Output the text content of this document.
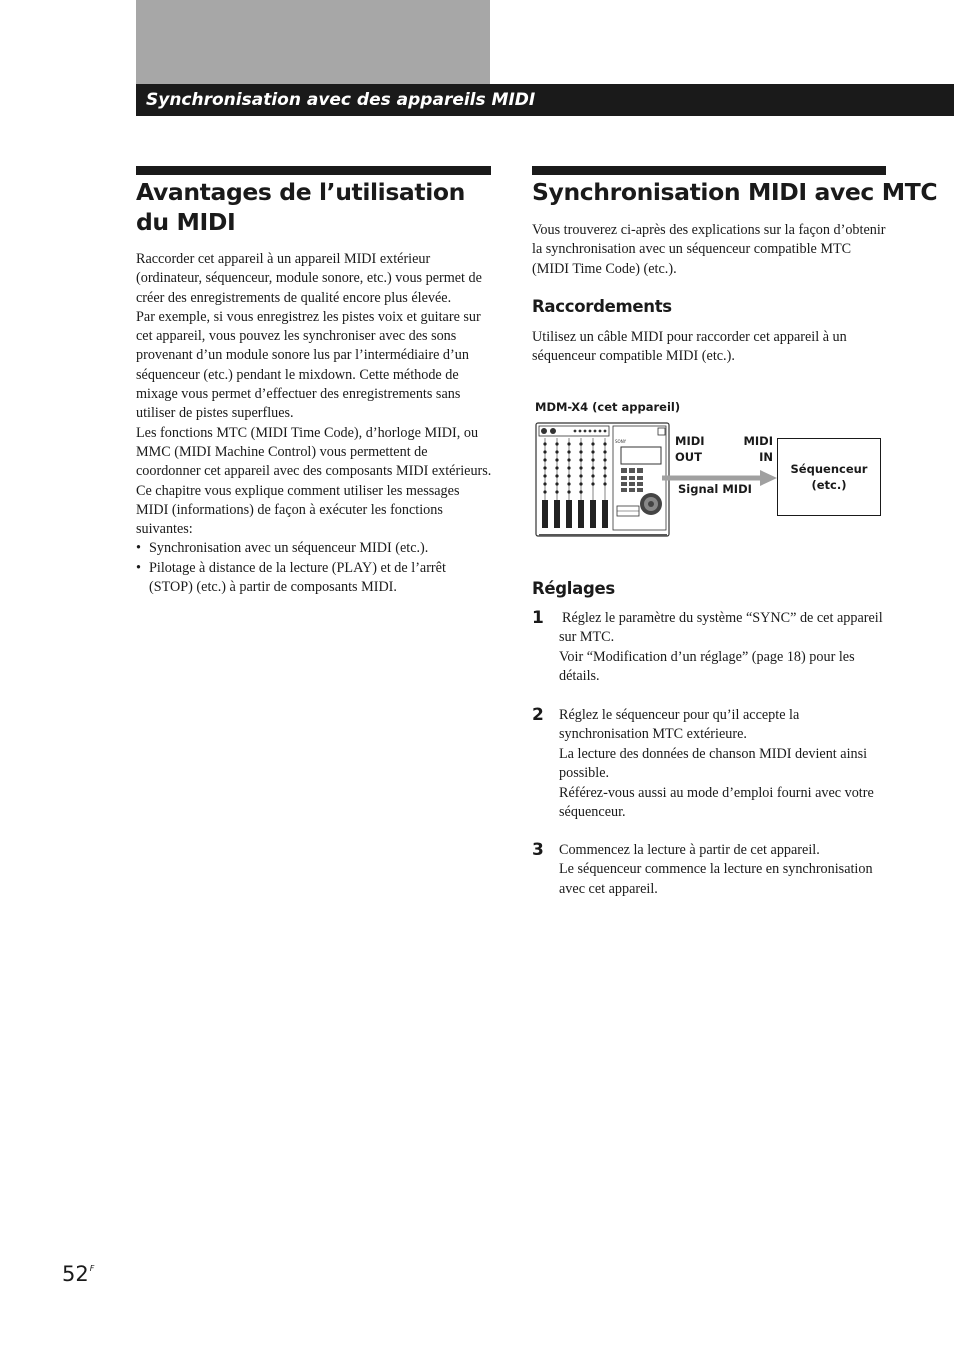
Synchronisation avec des appareils MIDI
Avantages de l’utilisation du MIDI

Raccorder cet appareil à un appareil MIDI extérieur (ordinateur, séquenceur, module sonore, etc.) vous permet de créer des enregistrements de qualité encore plus élevée.

Par exemple, si vous enregistrez les pistes voix et guitare sur cet appareil, vous pouvez les synchroniser avec des sons provenant d’un module sonore lus par l’intermédiaire d’un séquenceur (etc.) pendant le mixdown. Cette méthode de mixage vous permet d’effectuer des enregistrements sans utiliser de pistes superflues.

Les fonctions MTC (MIDI Time Code), d’horloge MIDI, ou MMC (MIDI Machine Control) vous permettent de coordonner cet appareil avec des composants MIDI extérieurs.

Ce chapitre vous explique comment utiliser les messages MIDI (informations) de façon à exécuter les fonctions suivantes:

• Synchronisation avec un séquenceur MIDI (etc.).
• Pilotage à distance de la lecture (PLAY) et de l’arrêt (STOP) (etc.) à partir de composants MIDI.
Synchronisation MIDI avec MTC
Vous trouverez ci-après des explications sur la façon d’obtenir la synchronisation avec un séquenceur compatible MTC (MIDI Time Code) (etc.).
Raccordements
Utilisez un câble MIDI pour raccorder cet appareil à un séquenceur compatible MIDI (etc.).
MDM-X4 (cet appareil)
SONY	MIDI
OUT
MIDI
IN
Signal MIDI
Séquenceur
(etc.)
Réglages
1 Réglez le paramètre du système “SYNC” de cet appareil sur MTC.

Voir “Modification d’un réglage” (page 18) pour les détails.

2 Réglez le séquenceur pour qu’il accepte la synchronisation MTC extérieure.

La lecture des données de chanson MIDI devient ainsi possible.

Référez-vous aussi au mode d’emploi fourni avec votre séquenceur.

3 Commencez la lecture à partir de cet appareil.

Le séquenceur commence la lecture en synchronisation avec cet appareil.

$52^F$
